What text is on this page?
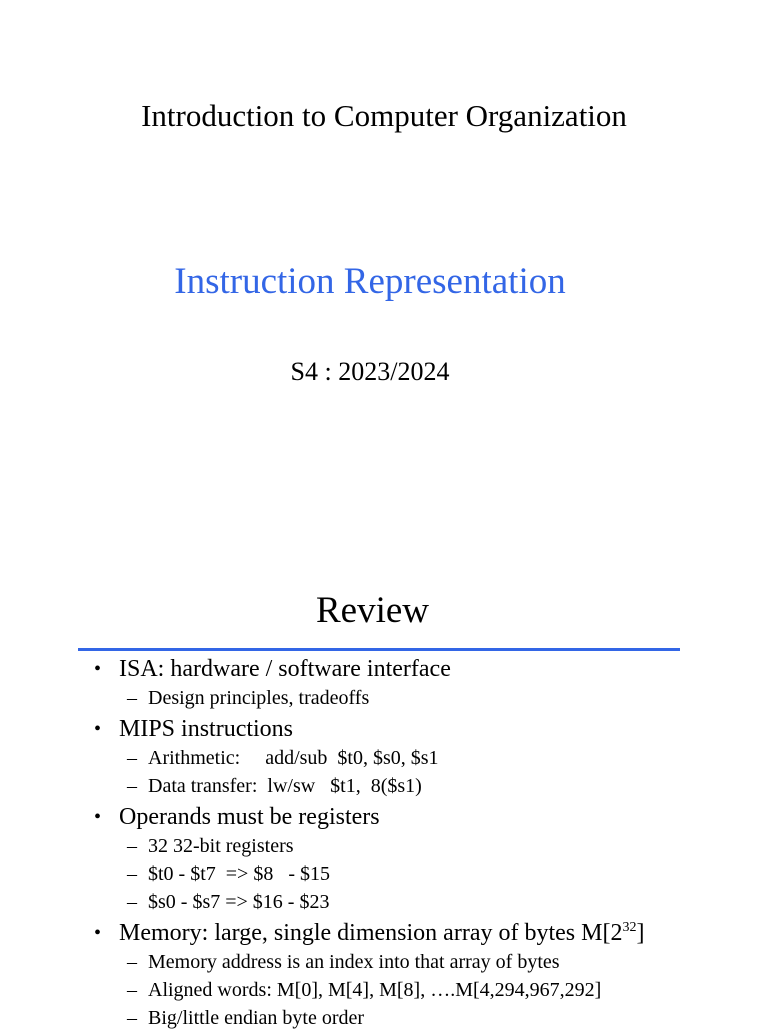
Introduction to Computer Organization
Instruction Representation
S4 : 2023/2024
Review
• ISA: hardware / software interface
– Design principles, tradeoffs
• MIPS instructions
– Arithmetic:     add/sub  $t0, $s0, $s1
– Data transfer:  lw/sw   $t1,  8($s1)
• Operands must be registers
– 32 32-bit registers
– $t0 - $t7  => $8   - $15
– $s0 - $s7 => $16 - $23
• Memory: large, single dimension array of bytes $M[2^{32}]$
– Memory address is an index into that array of bytes
– Aligned words: M[0], M[4], M[8], ….M[4,294,967,292]
– Big/little endian byte order
